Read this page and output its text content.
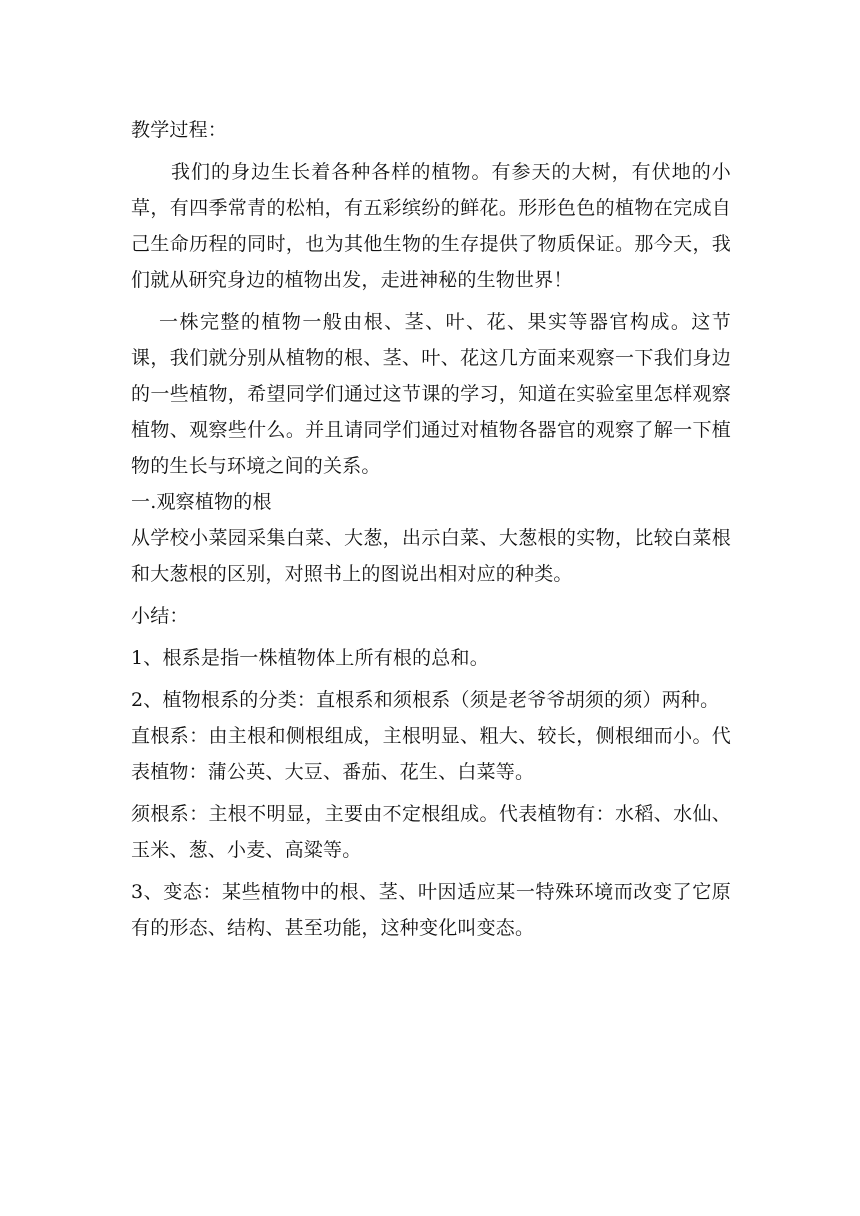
教学过程：

我们的身边生长着各种各样的植物。有参天的大树，有伏地的小草，有四季常青的松柏，有五彩缤纷的鲜花。形形色色的植物在完成自己生命历程的同时，也为其他生物的生存提供了物质保证。那今天，我们就从研究身边的植物出发，走进神秘的生物世界！

一株完整的植物一般由根、茎、叶、花、果实等器官构成。这节课，我们就分别从植物的根、茎、叶、花这几方面来观察一下我们身边的一些植物，希望同学们通过这节课的学习，知道在实验室里怎样观察植物、观察些什么。并且请同学们通过对植物各器官的观察了解一下植物的生长与环境之间的关系。

一.观察植物的根

从学校小菜园采集白菜、大葱，出示白菜、大葱根的实物，比较白菜根和大葱根的区别，对照书上的图说出相对应的种类。

小结：

1、根系是指一株植物体上所有根的总和。

2、植物根系的分类：直根系和须根系（须是老爷爷胡须的须）两种。

直根系：由主根和侧根组成，主根明显、粗大、较长，侧根细而小。代表植物：蒲公英、大豆、番茄、花生、白菜等。

须根系：主根不明显，主要由不定根组成。代表植物有：水稻、水仙、玉米、葱、小麦、高粱等。

3、变态：某些植物中的根、茎、叶因适应某一特殊环境而改变了它原有的形态、结构、甚至功能，这种变化叫变态。
